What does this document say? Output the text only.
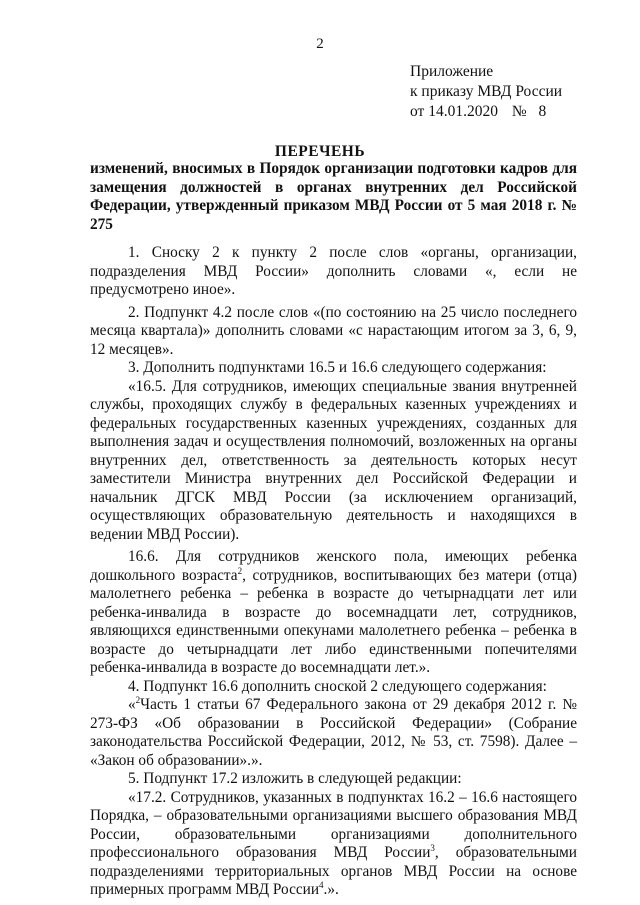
2
Приложение
к приказу МВД России
от 14.01.2020 № 8
ПЕРЕЧЕНЬ
изменений, вносимых в Порядок организации подготовки кадров для замещения должностей в органах внутренних дел Российской Федерации, утвержденный приказом МВД России от 5 мая 2018 г. № 275

1. Сноску 2 к пункту 2 после слов «органы, организации, подразделения МВД России» дополнить словами «, если не предусмотрено иное».

2. Подпункт 4.2 после слов «(по состоянию на 25 число последнего месяца квартала)» дополнить словами «с нарастающим итогом за 3, 6, 9, 12 месяцев».

3. Дополнить подпунктами 16.5 и 16.6 следующего содержания:

«16.5. Для сотрудников, имеющих специальные звания внутренней службы, проходящих службу в федеральных казенных учреждениях и федеральных государственных казенных учреждениях, созданных для выполнения задач и осуществления полномочий, возложенных на органы внутренних дел, ответственность за деятельность которых несут заместители Министра внутренних дел Российской Федерации и начальник ДГСК МВД России (за исключением организаций, осуществляющих образовательную деятельность и находящихся в ведении МВД России).

16.6. Для сотрудников женского пола, имеющих ребенка дошкольного возраста$^2$, сотрудников, воспитывающих без матери (отца) малолетнего ребенка – ребенка в возрасте до четырнадцати лет или ребенка-инвалида в возрасте до восемнадцати лет, сотрудников, являющихся единственными опекунами малолетнего ребенка – ребенка в возрасте до четырнадцати лет либо единственными попечителями ребенка-инвалида в возрасте до восемнадцати лет.».

4. Подпункт 16.6 дополнить сноской 2 следующего содержания:

«$^2$Часть 1 статьи 67 Федерального закона от 29 декабря 2012 г. № 273-ФЗ «Об образовании в Российской Федерации» (Собрание законодательства Российской Федерации, 2012, № 53, ст. 7598). Далее – «Закон об образовании».».

5. Подпункт 17.2 изложить в следующей редакции:

«17.2. Сотрудников, указанных в подпунктах 16.2 – 16.6 настоящего Порядка, – образовательными организациями высшего образования МВД России, образовательными организациями дополнительного профессионального образования МВД России$^3$, образовательными подразделениями территориальных органов МВД России на основе примерных программ МВД России$^4$.».
